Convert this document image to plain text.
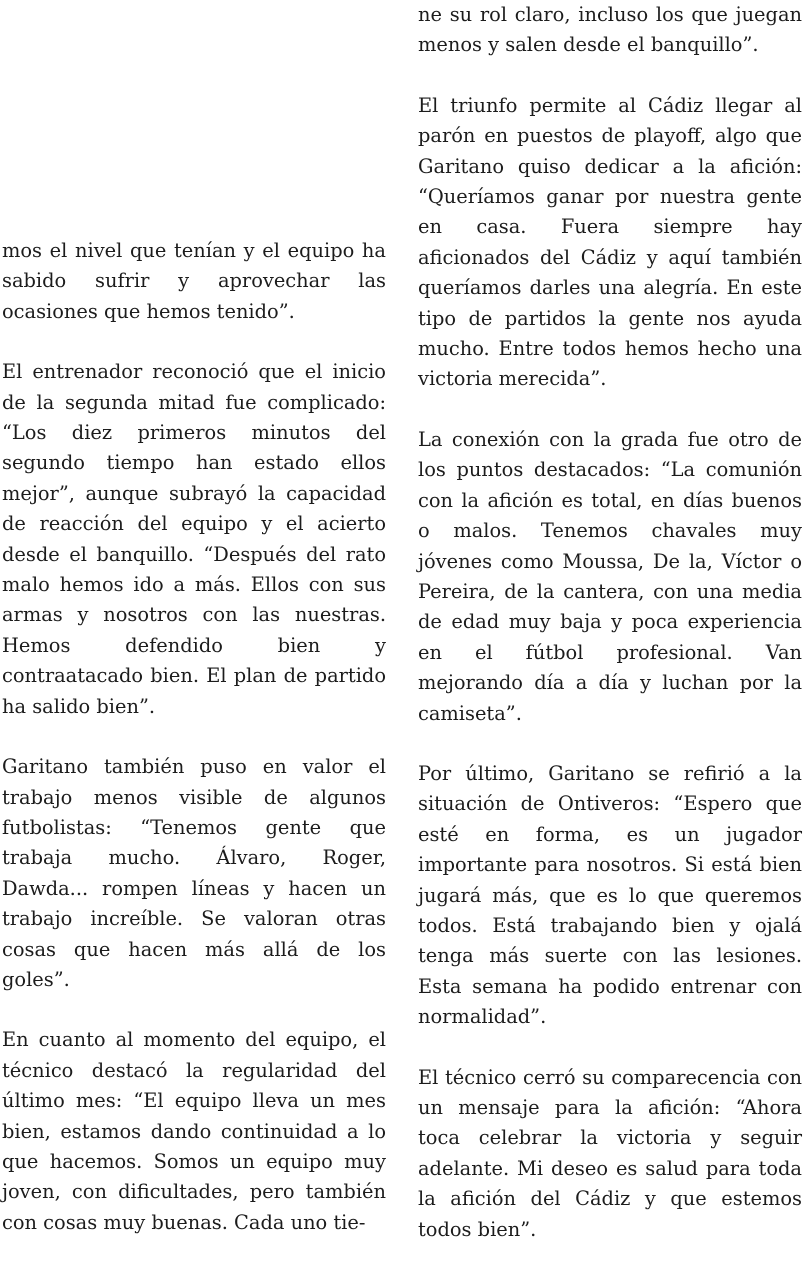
mos el nivel que tenían y el equipo ha sabido sufrir y aprovechar las ocasiones que hemos tenido”.

El entrenador reconoció que el inicio de la segunda mitad fue complicado: “Los diez primeros minutos del segundo tiempo han estado ellos mejor”, aunque subrayó la capacidad de reacción del equipo y el acierto desde el banquillo. “Después del rato malo hemos ido a más. Ellos con sus armas y nosotros con las nuestras. Hemos defendido bien y contraatacado bien. El plan de partido ha salido bien”.

Garitano también puso en valor el trabajo menos visible de algunos futbolistas: “Tenemos gente que trabaja mucho. Álvaro, Roger, Dawda... rompen líneas y hacen un trabajo increíble. Se valoran otras cosas que hacen más allá de los goles”.

En cuanto al momento del equipo, el técnico destacó la regularidad del último mes: “El equipo lleva un mes bien, estamos dando continuidad a lo que hacemos. Somos un equipo muy joven, con dificultades, pero también con cosas muy buenas. Cada uno tie-

ne su rol claro, incluso los que juegan menos y salen desde el banquillo”.

El triunfo permite al Cádiz llegar al parón en puestos de playoff, algo que Garitano quiso dedicar a la afición: “Queríamos ganar por nuestra gente en casa. Fuera siempre hay aficionados del Cádiz y aquí también queríamos darles una alegría. En este tipo de partidos la gente nos ayuda mucho. Entre todos hemos hecho una victoria merecida”.

La conexión con la grada fue otro de los puntos destacados: “La comunión con la afición es total, en días buenos o malos. Tenemos chavales muy jóvenes como Moussa, De la, Víctor o Pereira, de la cantera, con una media de edad muy baja y poca experiencia en el fútbol profesional. Van mejorando día a día y luchan por la camiseta”.

Por último, Garitano se refirió a la situación de Ontiveros: “Espero que esté en forma, es un jugador importante para nosotros. Si está bien jugará más, que es lo que queremos todos. Está trabajando bien y ojalá tenga más suerte con las lesiones. Esta semana ha podido entrenar con normalidad”.

El técnico cerró su comparecencia con un mensaje para la afición: “Ahora toca celebrar la victoria y seguir adelante. Mi deseo es salud para toda la afición del Cádiz y que estemos todos bien”.
